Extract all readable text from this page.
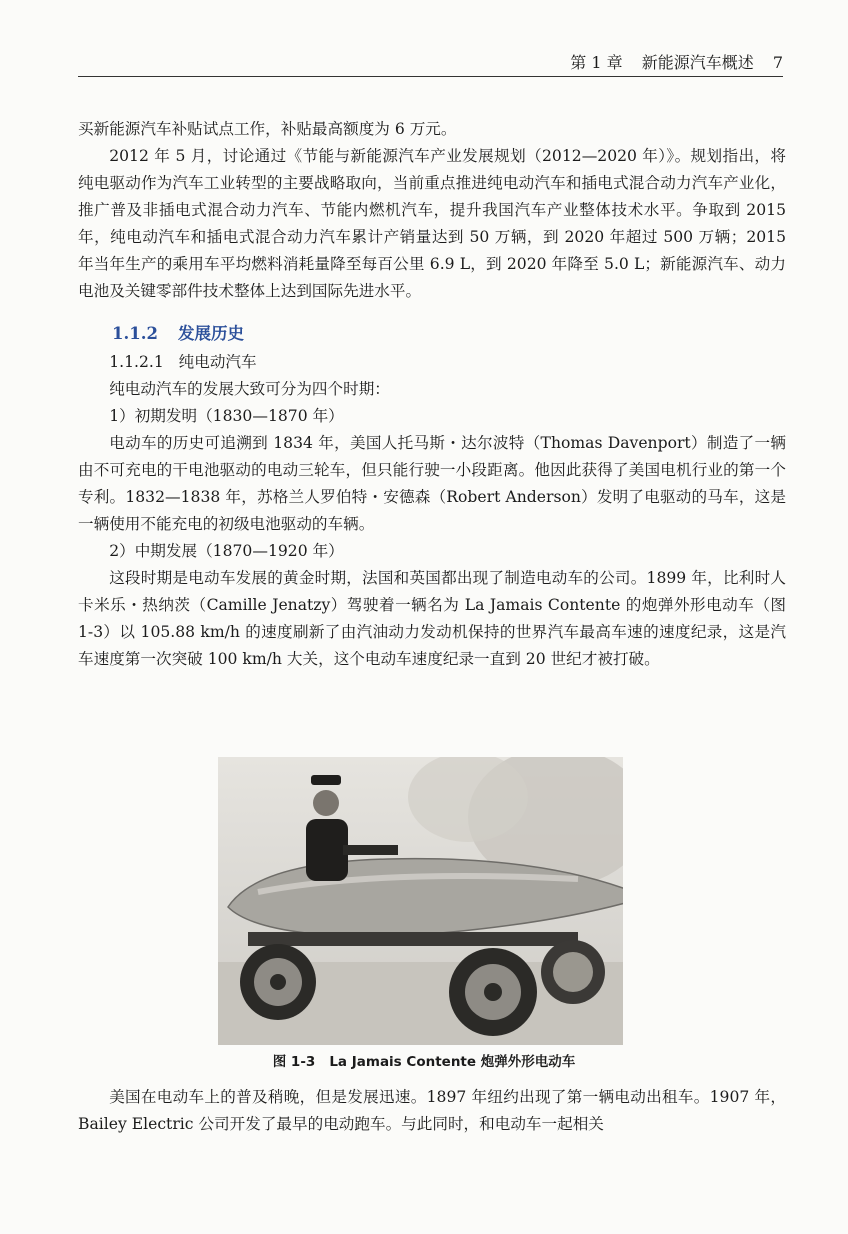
第 1 章 新能源汽车概述 7

买新能源汽车补贴试点工作，补贴最高额度为 6 万元。

2012 年 5 月，讨论通过《节能与新能源汽车产业发展规划（2012—2020 年）》。规划指出，将纯电驱动作为汽车工业转型的主要战略取向，当前重点推进纯电动汽车和插电式混合动力汽车产业化，推广普及非插电式混合动力汽车、节能内燃机汽车，提升我国汽车产业整体技术水平。争取到 2015 年，纯电动汽车和插电式混合动力汽车累计产销量达到 50 万辆，到 2020 年超过 500 万辆；2015 年当年生产的乘用车平均燃料消耗量降至每百公里 6.9 L，到 2020 年降至 5.0 L；新能源汽车、动力电池及关键零部件技术整体上达到国际先进水平。

1.1.2 发展历史
1.1.2.1 纯电动汽车

纯电动汽车的发展大致可分为四个时期：

1）初期发明（1830—1870 年）

电动车的历史可追溯到 1834 年，美国人托马斯・达尔波特（Thomas Davenport）制造了一辆由不可充电的干电池驱动的电动三轮车，但只能行驶一小段距离。他因此获得了美国电机行业的第一个专利。1832—1838 年，苏格兰人罗伯特・安德森（Robert Anderson）发明了电驱动的马车，这是一辆使用不能充电的初级电池驱动的车辆。

2）中期发展（1870—1920 年）

这段时期是电动车发展的黄金时期，法国和英国都出现了制造电动车的公司。1899 年，比利时人卡米乐・热纳茨（Camille Jenatzy）驾驶着一辆名为 La Jamais Contente 的炮弹外形电动车（图 1-3）以 105.88 km/h 的速度刷新了由汽油动力发动机保持的世界汽车最高车速的速度纪录，这是汽车速度第一次突破 100 km/h 大关，这个电动车速度纪录一直到 20 世纪才被打破。

图 1-3 La Jamais Contente 炮弹外形电动车

美国在电动车上的普及稍晚，但是发展迅速。1897 年纽约出现了第一辆电动出租车。1907 年，Bailey Electric 公司开发了最早的电动跑车。与此同时，和电动车一起相关
